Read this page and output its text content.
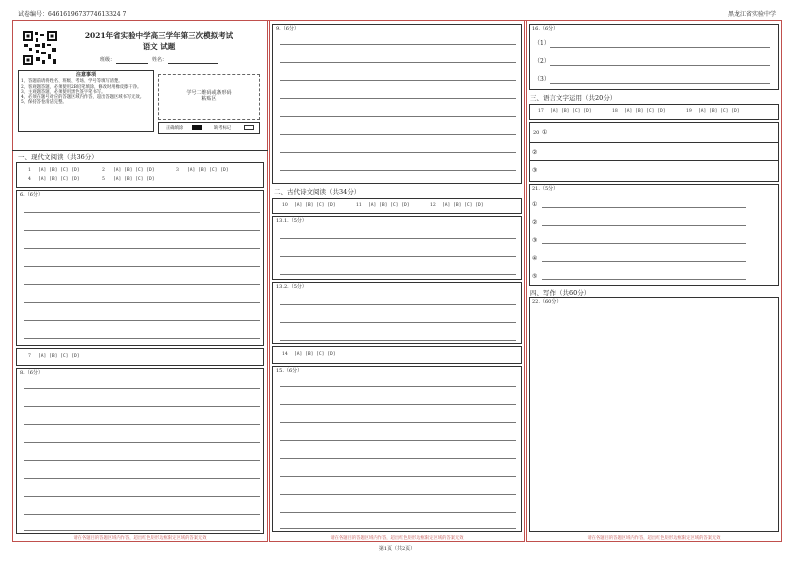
试卷编号：6461619673774613324 7	黑龙江省实验中学
2021年省实验中学高三学年第三次模拟考试
语文 试题
班级：	姓名：
注意事项
1、答题前请将姓名、班级、考场、学号等填写清楚。
2、客观题答题，必须使用2B铅笔填涂，修改时用橡皮擦干净。
3、主观题答题，必须使用黑色签字笔书写。
4、必须在题号对应的答题区域内作答，超出答题区域书写无效。
5、保持答卷清洁完整。
学号二维码或条形码
粘贴区
正确填涂	缺考标记
一、现代文阅读（共36分）
1 [A] [B] [C] [D]	2 [A] [B] [C] [D]	3 [A] [B] [C] [D]
4 [A] [B] [C] [D]	5 [A] [B] [C] [D]
6.（6分）
7 [A] [B] [C] [D]
8.（6分）
请在各题目的答题区域内作答，超出红色矩形边框限定区域的答案无效
9.（6分）
二、古代诗文阅读（共34分）
10 [A] [B] [C] [D]	11 [A] [B] [C] [D]	12 [A] [B] [C] [D]
13.1.（5分）
13.2.（5分）
14 [A] [B] [C] [D]
15.（6分）
请在各题目的答题区域内作答，超出红色矩形边框限定区域的答案无效
16.（6分）
（1）
（2）
（3）
三、语言文字运用（共20分）
17 [A] [B] [C] [D]	18 [A] [B] [C] [D]	19 [A] [B] [C] [D]
20 ①
②
③
21.（5分）
①
②
③
④
⑤
四、写作（共60分）
22.（60分）
请在各题目的答题区域内作答，超出红色矩形边框限定区域的答案无效
第1页（共2页）
